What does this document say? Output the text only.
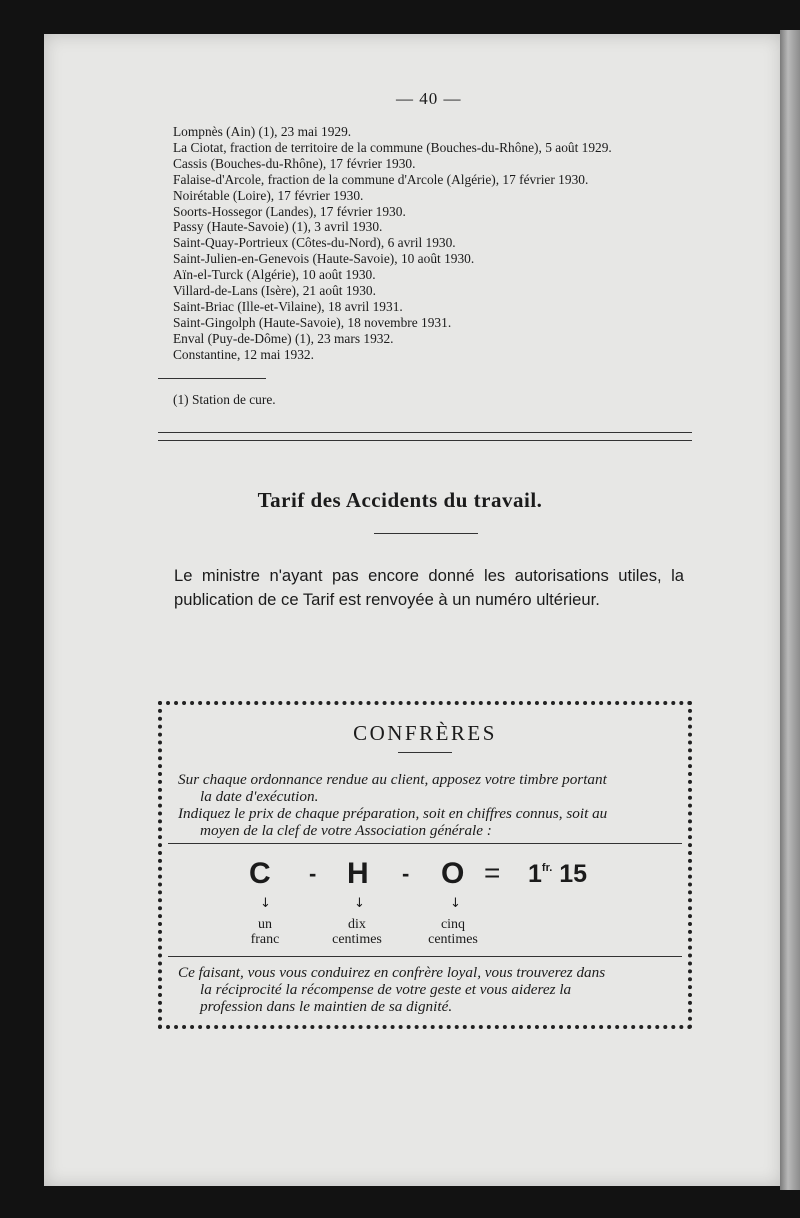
— 40 —
Lompnès (Ain) (1), 23 mai 1929.
La Ciotat, fraction de territoire de la commune (Bouches-du-Rhône), 5 août 1929.
Cassis (Bouches-du-Rhône), 17 février 1930.
Falaise-d'Arcole, fraction de la commune d'Arcole (Algérie), 17 février 1930.
Noirétable (Loire), 17 février 1930.
Soorts-Hossegor (Landes), 17 février 1930.
Passy (Haute-Savoie) (1), 3 avril 1930.
Saint-Quay-Portrieux (Côtes-du-Nord), 6 avril 1930.
Saint-Julien-en-Genevois (Haute-Savoie), 10 août 1930.
Aïn-el-Turck (Algérie), 10 août 1930.
Villard-de-Lans (Isère), 21 août 1930.
Saint-Briac (Ille-et-Vilaine), 18 avril 1931.
Saint-Gingolph (Haute-Savoie), 18 novembre 1931.
Enval (Puy-de-Dôme) (1), 23 mars 1932.
Constantine, 12 mai 1932.
(1) Station de cure.
Tarif des Accidents du travail.
Le ministre n'ayant pas encore donné les autorisations utiles, la publication de ce Tarif est renvoyée à un numéro ultérieur.
CONFRÈRES

Sur chaque ordonnance rendue au client, apposez votre timbre portant

la date d'exécution.

Indiquez le prix de chaque préparation, soit en chiffres connus, soit au

moyen de la clef de votre Association générale :

$C - H - O = 1^{fr.}$ 15
↓	↓	↓
un
franc
dix
centimes
cinq
centimes

Ce faisant, vous vous conduirez en confrère loyal, vous trouverez dans

la réciprocité la récompense de votre geste et vous aiderez la

profession dans le maintien de sa dignité.
